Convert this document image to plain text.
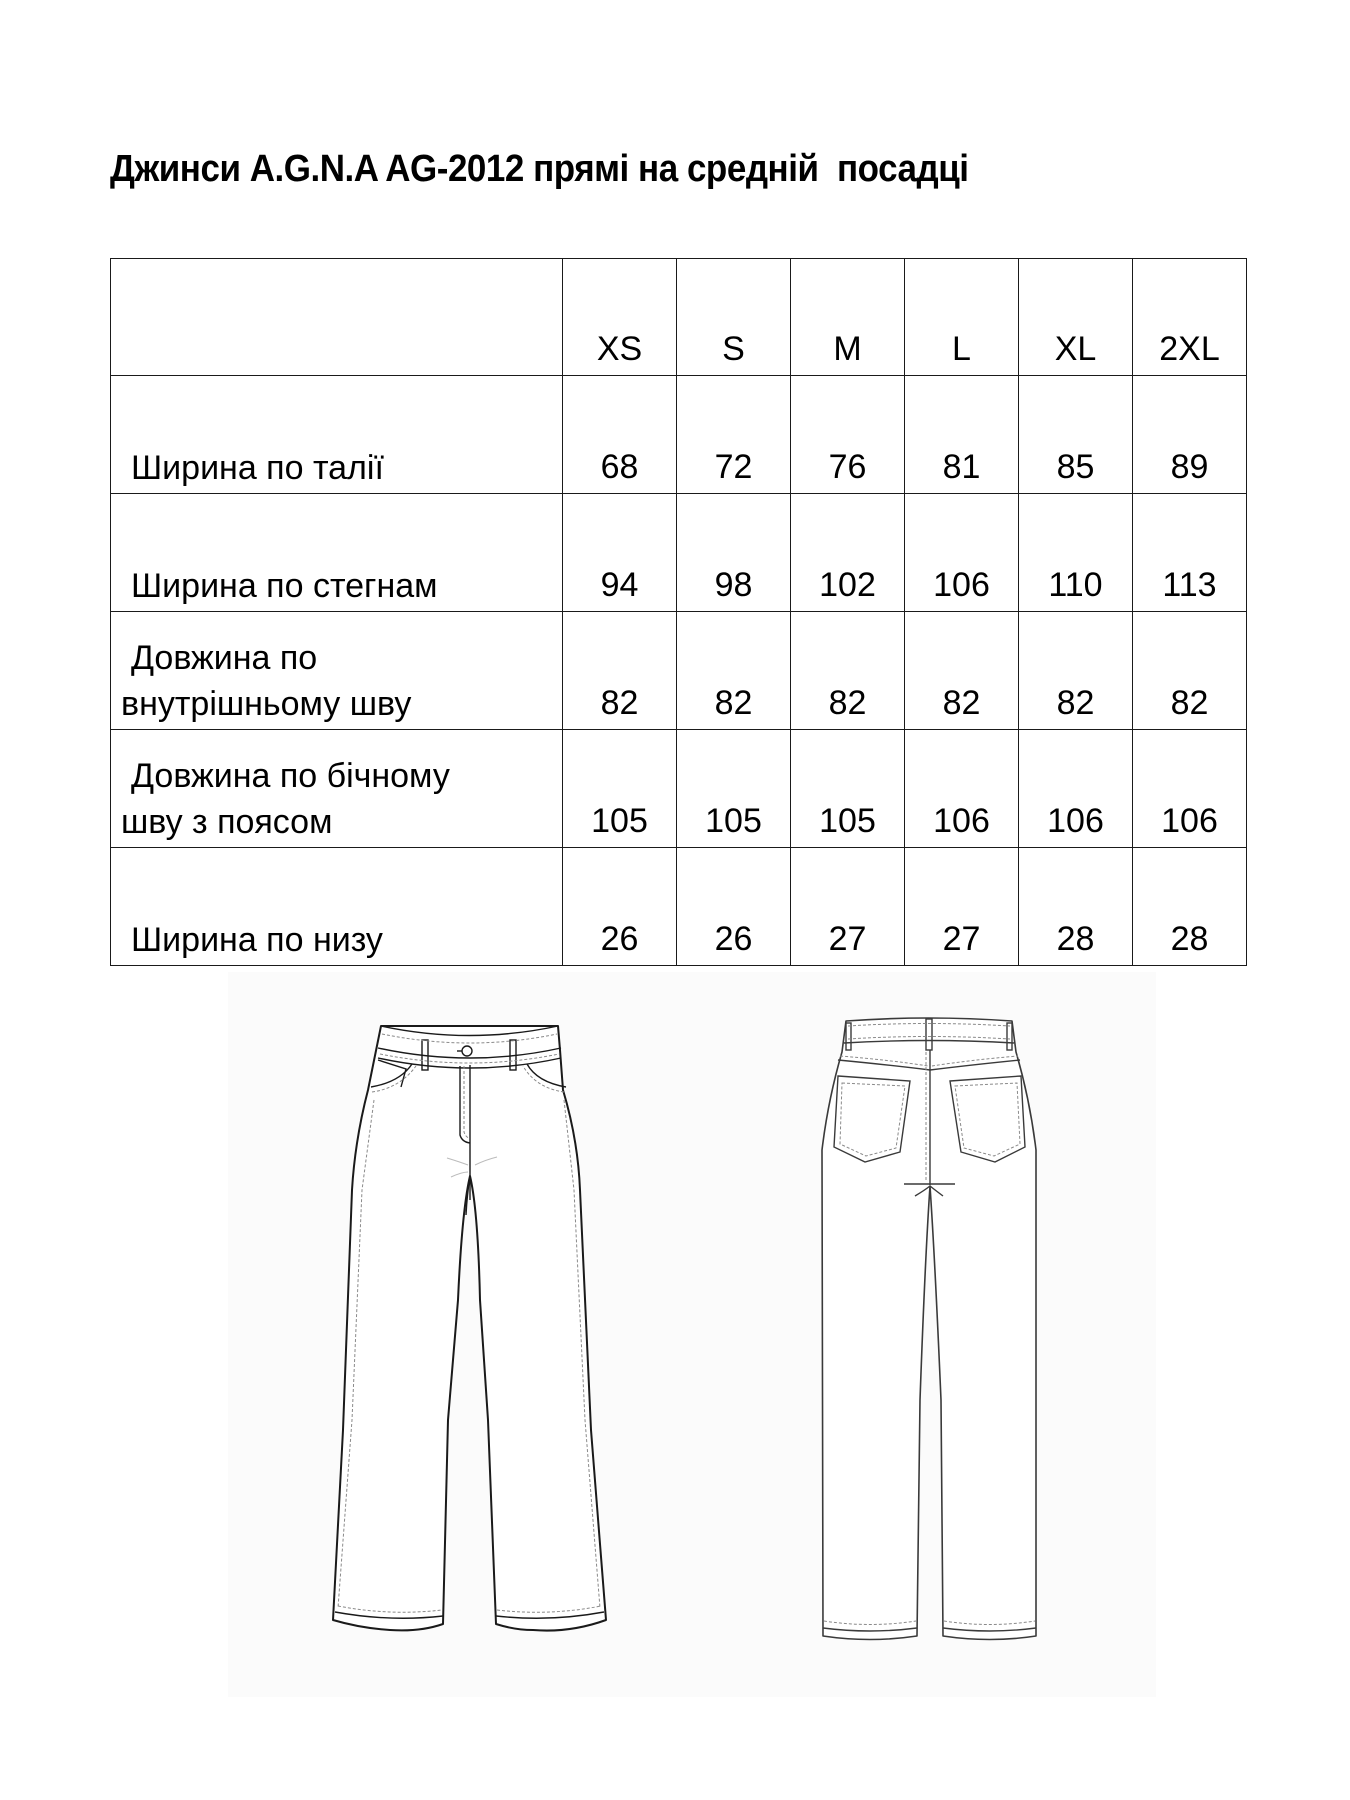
Джинси A.G.N.A AG-2012 прямі на средній  посадці
	XS	S	M	L	XL	2XL

Ширина по талії	68	72	76	81	85	89

Ширина по стегнам	94	98	102	106	110	113

Довжина по
внутрішньому шву	82	82	82	82	82	82

Довжина по бічному
шву з поясом	105	105	105	106	106	106

Ширина по низу	26	26	27	27	28	28
